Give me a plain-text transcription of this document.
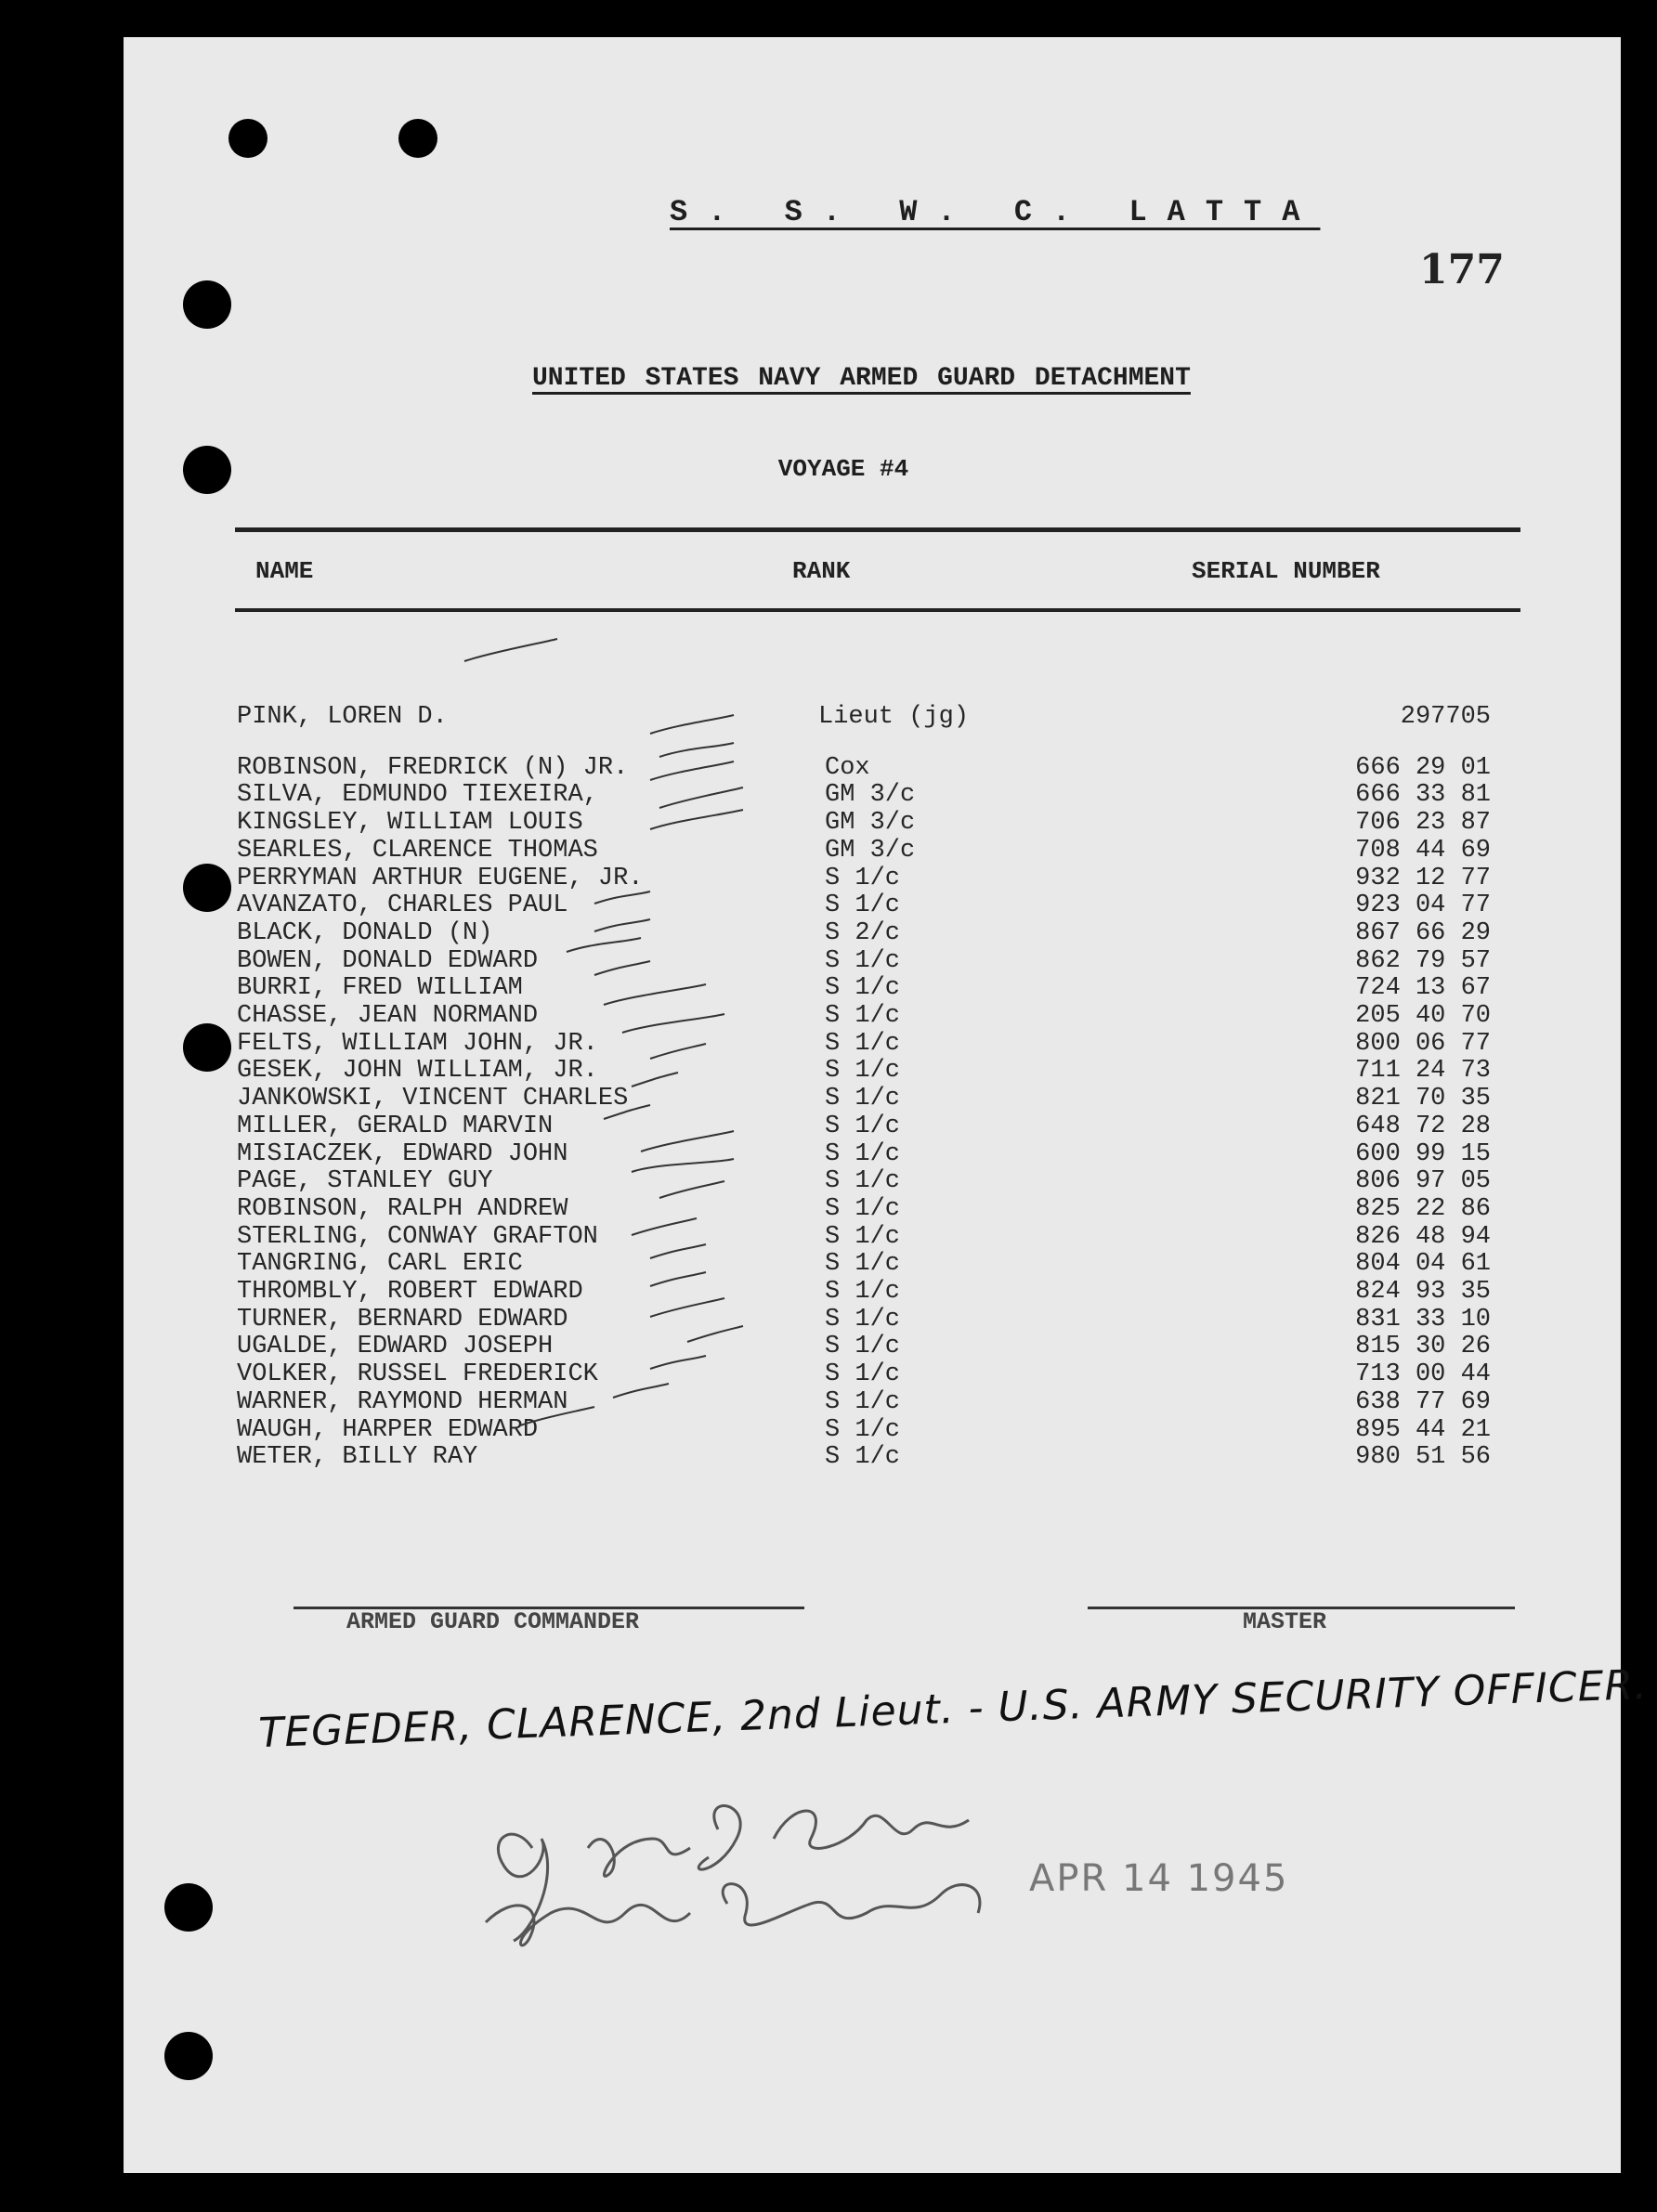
S. S. W. C. LATTA
177
UNITED STATES NAVY ARMED GUARD DETACHMENT
VOYAGE #4
NAME	RANK	SERIAL NUMBER
PINK, LOREN D.	Lieut (jg)	297705
ROBINSON, FREDRICK (N) JR.	Cox	666 29 01
SILVA, EDMUNDO TIEXEIRA,	GM 3/c	666 33 81
KINGSLEY, WILLIAM LOUIS	GM 3/c	706 23 87
SEARLES, CLARENCE THOMAS	GM 3/c	708 44 69
PERRYMAN ARTHUR EUGENE, JR.	S 1/c	932 12 77
AVANZATO, CHARLES PAUL	S 1/c	923 04 77
BLACK, DONALD (N)	S 2/c	867 66 29
BOWEN, DONALD EDWARD	S 1/c	862 79 57
BURRI, FRED WILLIAM	S 1/c	724 13 67
CHASSE, JEAN NORMAND	S 1/c	205 40 70
FELTS, WILLIAM JOHN, JR.	S 1/c	800 06 77
GESEK, JOHN WILLIAM, JR.	S 1/c	711 24 73
JANKOWSKI, VINCENT CHARLES	S 1/c	821 70 35
MILLER, GERALD MARVIN	S 1/c	648 72 28
MISIACZEK, EDWARD JOHN	S 1/c	600 99 15
PAGE, STANLEY GUY	S 1/c	806 97 05
ROBINSON, RALPH ANDREW	S 1/c	825 22 86
STERLING, CONWAY GRAFTON	S 1/c	826 48 94
TANGRING, CARL ERIC	S 1/c	804 04 61
THROMBLY, ROBERT EDWARD	S 1/c	824 93 35
TURNER, BERNARD EDWARD	S 1/c	831 33 10
UGALDE, EDWARD JOSEPH	S 1/c	815 30 26
VOLKER, RUSSEL FREDERICK	S 1/c	713 00 44
WARNER, RAYMOND HERMAN	S 1/c	638 77 69
WAUGH, HARPER EDWARD	S 1/c	895 44 21
WETER, BILLY RAY	S 1/c	980 51 56
ARMED GUARD COMMANDER	MASTER
TEGEDER, CLARENCE, 2nd Lieut. - U.S. ARMY SECURITY OFFICER.
APR 14 1945
